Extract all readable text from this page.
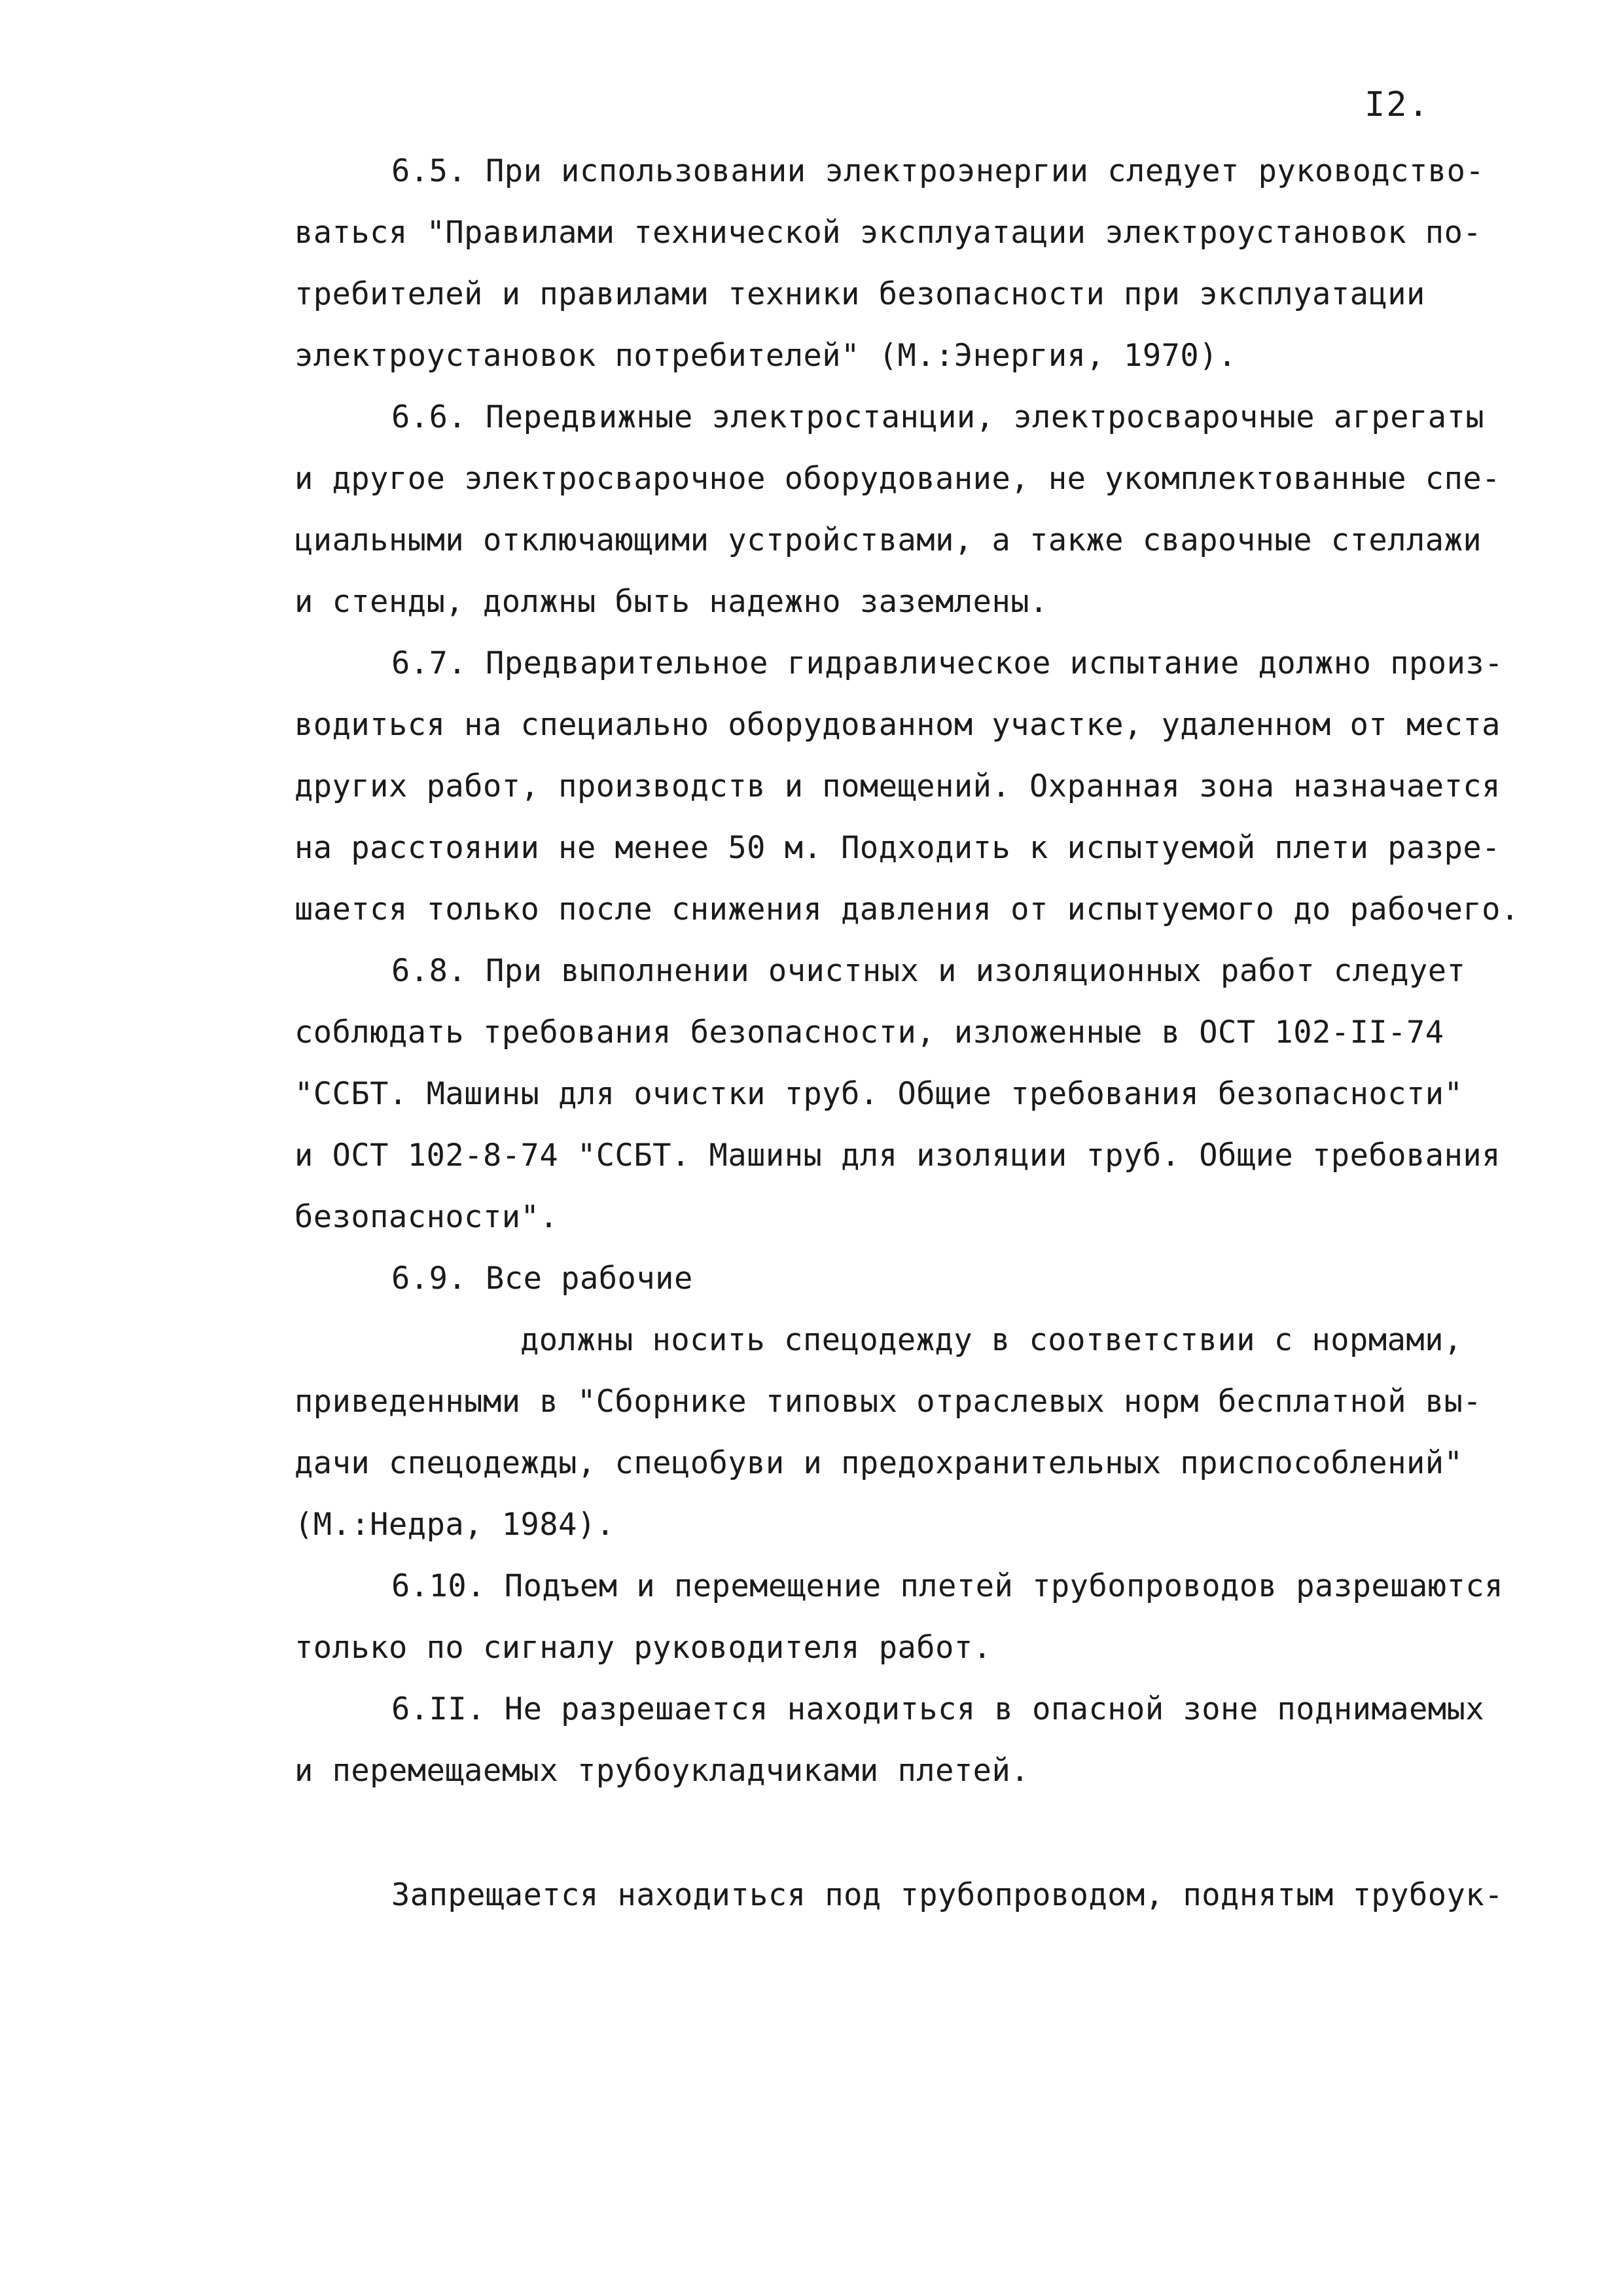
I2.
6.5. При использовании электроэнергии следует руководство-
ваться "Правилами технической эксплуатации электроустановок по-
требителей и правилами техники безопасности при эксплуатации
электроустановок потребителей" (М.:Энергия, 1970).
6.6. Передвижные электростанции, электросварочные агрегаты
и другое электросварочное оборудование, не укомплектованные спе-
циальными отключающими устройствами, а также сварочные стеллажи
и стенды, должны быть надежно заземлены.
6.7. Предварительное гидравлическое испытание должно произ-
водиться на специально оборудованном участке, удаленном от места
других работ, производств и помещений. Охранная зона назначается
на расстоянии не менее 50 м. Подходить к испытуемой плети разре-
шается только после снижения давления от испытуемого до рабочего.
6.8. При выполнении очистных и изоляционных работ следует
соблюдать требования безопасности, изложенные в ОСТ 102-II-74
"ССБТ. Машины для очистки труб. Общие требования безопасности"
и ОСТ 102-8-74 "ССБТ. Машины для изоляции труб. Общие требования
безопасности".
6.9. Все рабочие
должны носить спецодежду в соответствии с нормами,
приведенными в "Сборнике типовых отраслевых норм бесплатной вы-
дачи спецодежды, спецобуви и предохранительных приспособлений"
(М.:Недра, 1984).
6.10. Подъем и перемещение плетей трубопроводов разрешаются
только по сигналу руководителя работ.
6.II. Не разрешается находиться в опасной зоне поднимаемых
и перемещаемых трубоукладчиками плетей.
Запрещается находиться под трубопроводом, поднятым трубоук-
